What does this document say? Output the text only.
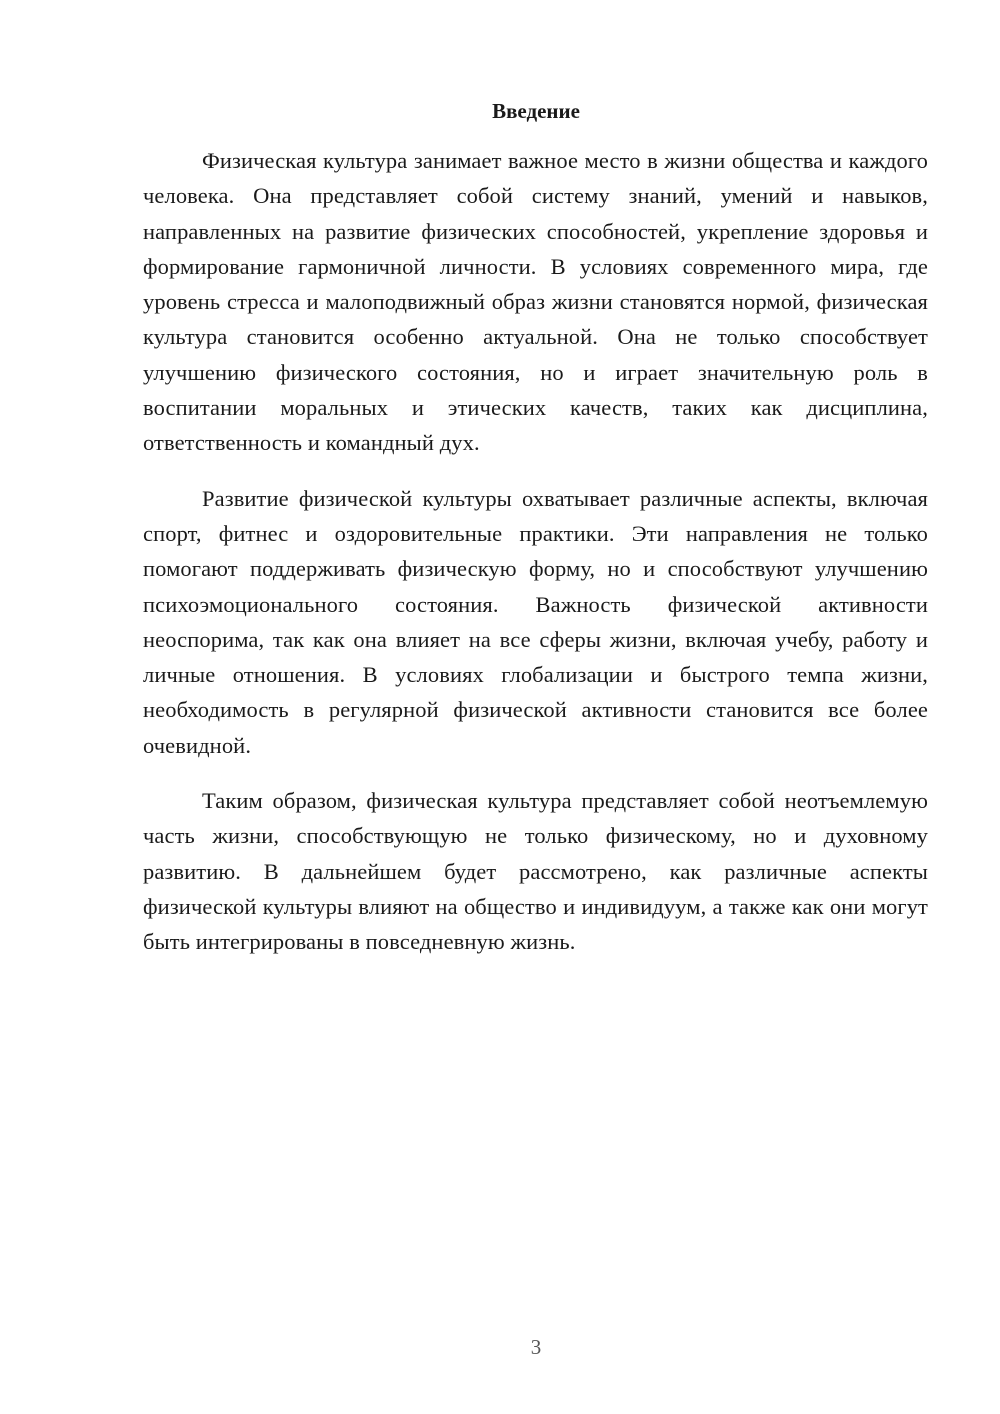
Введение

Физическая культура занимает важное место в жизни общества и каждого человека. Она представляет собой систему знаний, умений и навыков, направленных на развитие физических способностей, укрепление здоровья и формирование гармоничной личности. В условиях современного мира, где уровень стресса и малоподвижный образ жизни становятся нормой, физическая культура становится особенно актуальной. Она не только способствует улучшению физического состояния, но и играет значительную роль в воспитании моральных и этических качеств, таких как дисциплина, ответственность и командный дух.

Развитие физической культуры охватывает различные аспекты, включая спорт, фитнес и оздоровительные практики. Эти направления не только помогают поддерживать физическую форму, но и способствуют улучшению психоэмоционального состояния. Важность физической активности неоспорима, так как она влияет на все сферы жизни, включая учебу, работу и личные отношения. В условиях глобализации и быстрого темпа жизни, необходимость в регулярной физической активности становится все более очевидной.

Таким образом, физическая культура представляет собой неотъемлемую часть жизни, способствующую не только физическому, но и духовному развитию. В дальнейшем будет рассмотрено, как различные аспекты физической культуры влияют на общество и индивидуум, а также как они могут быть интегрированы в повседневную жизнь.

3
